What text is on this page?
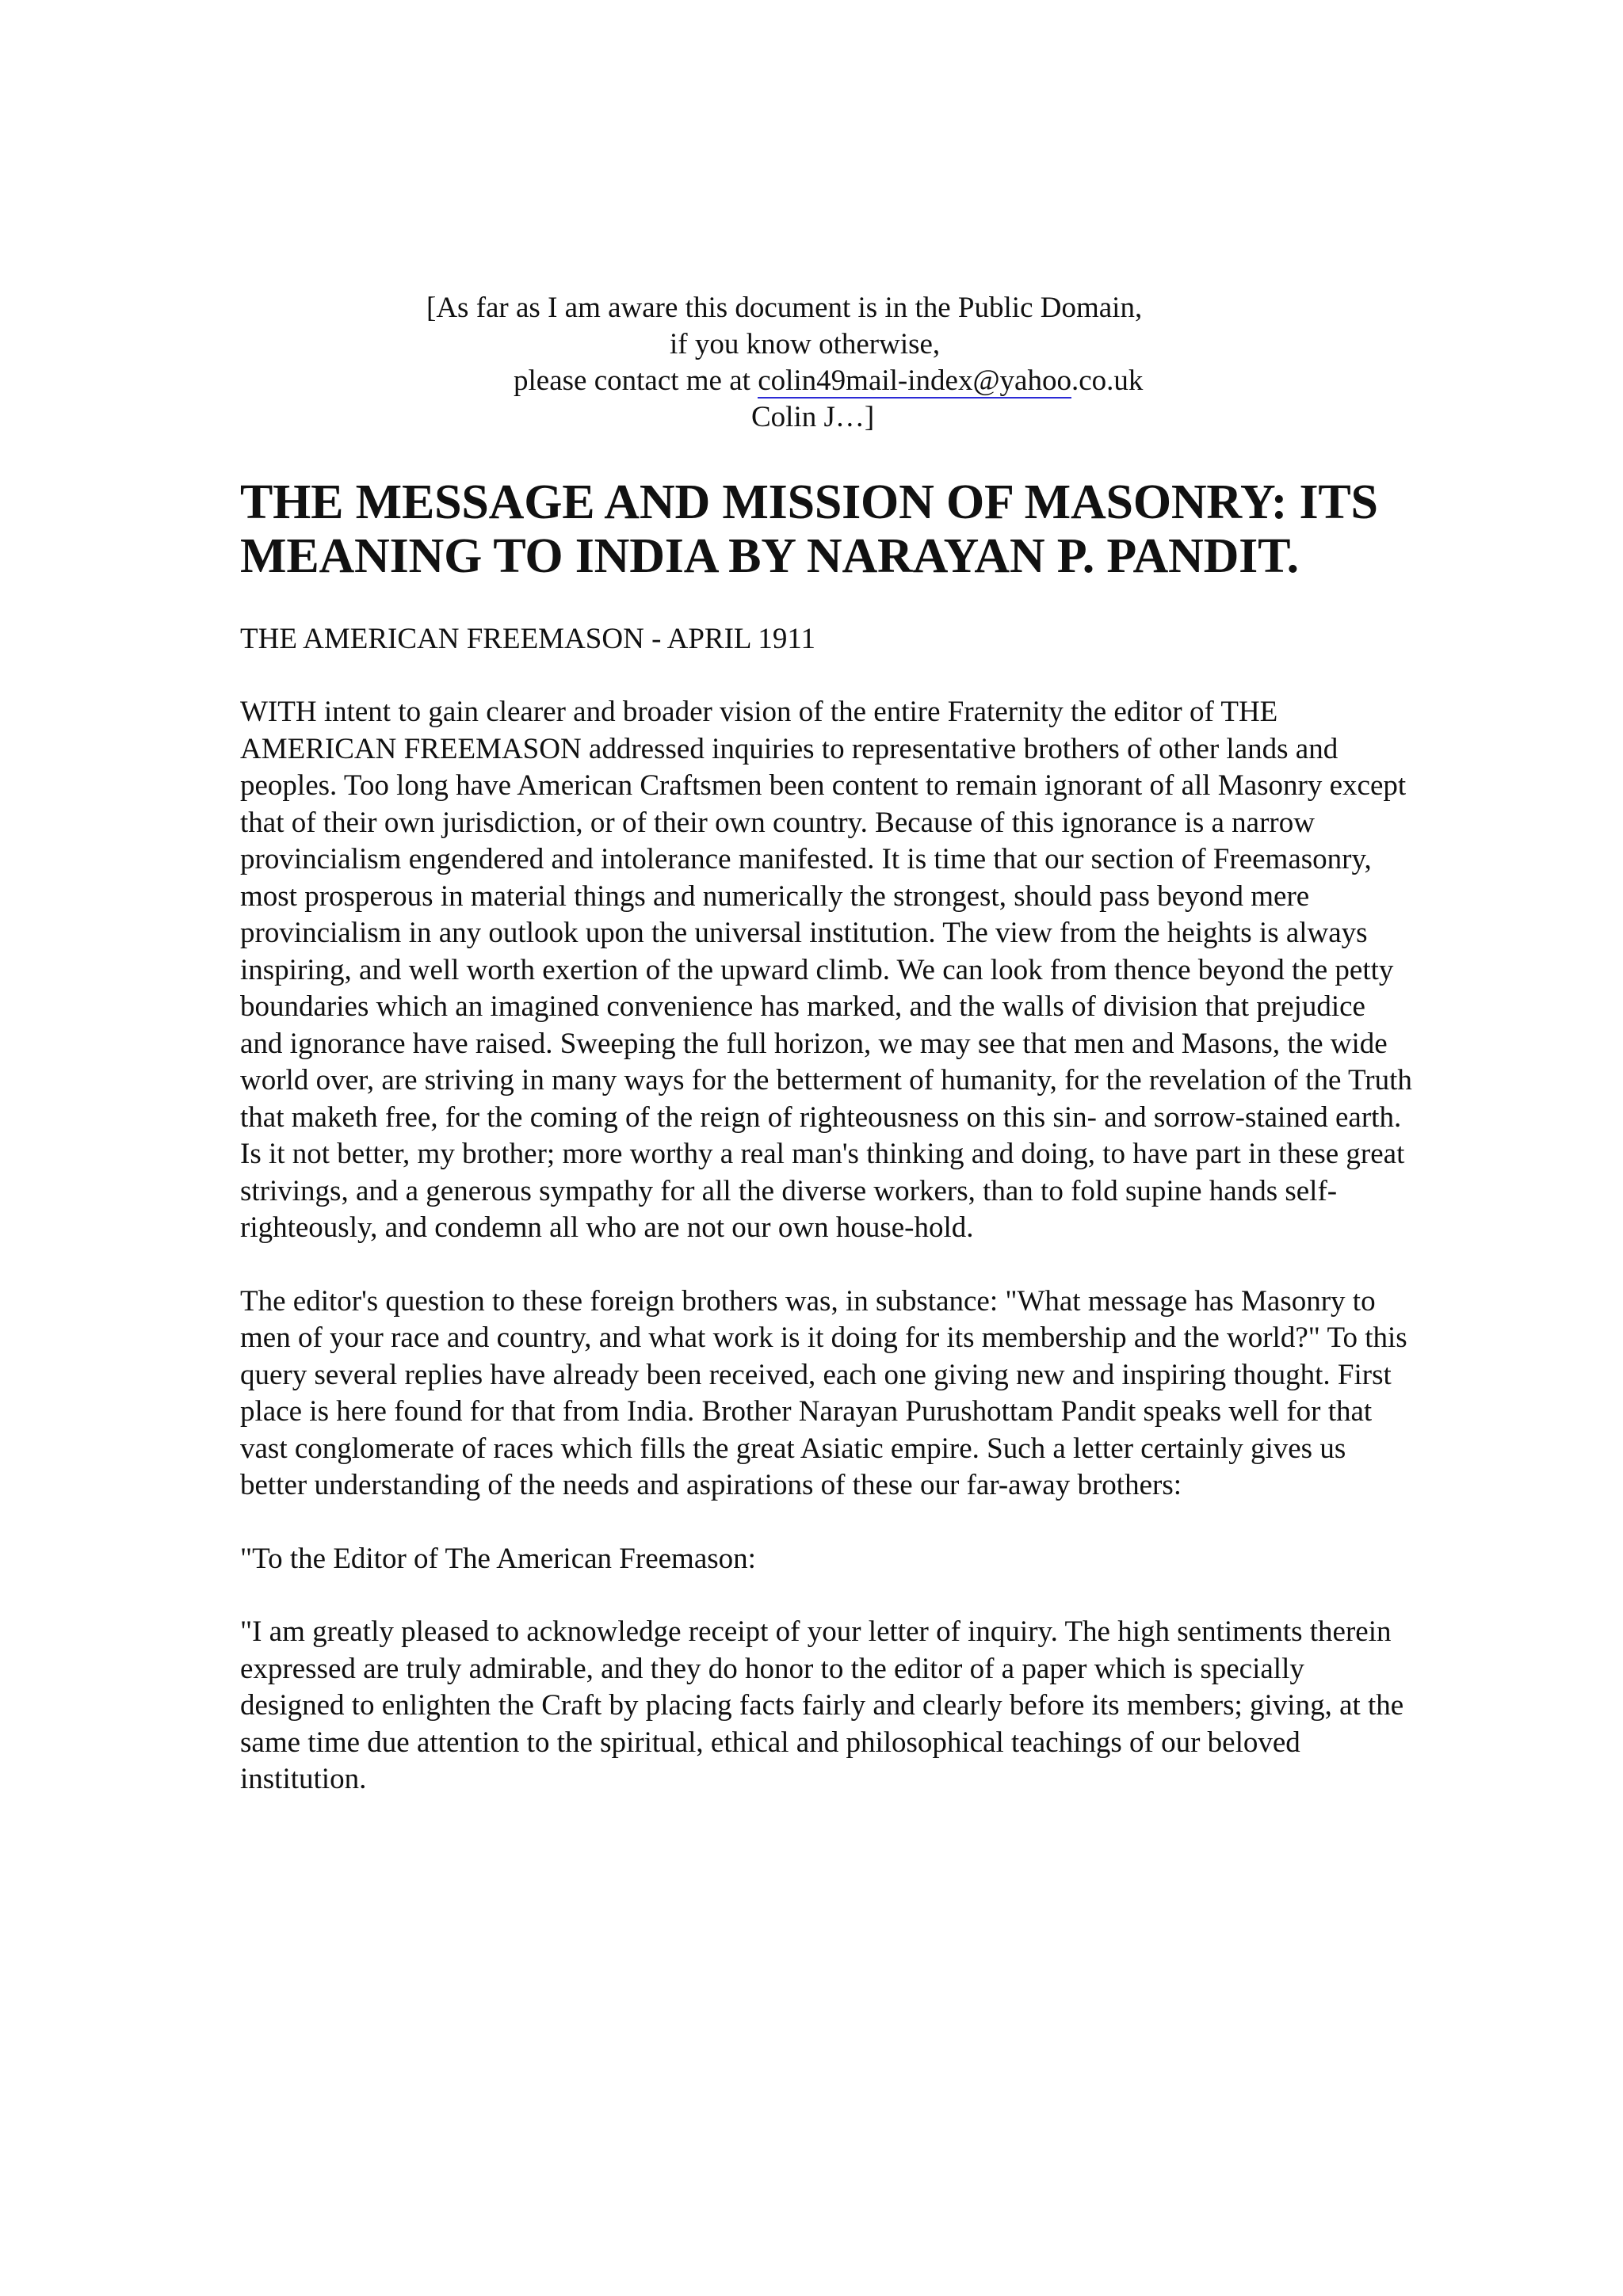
[As far as I am aware this document is in the Public Domain,
if you know otherwise,
please contact me at colin49mail-index@yahoo.co.uk
Colin J…]
THE MESSAGE AND MISSION OF MASONRY: ITS MEANING TO INDIA BY NARAYAN P. PANDIT.

THE AMERICAN FREEMASON - APRIL 1911

WITH intent to gain clearer and broader vision of the entire Fraternity the editor of THE AMERICAN FREEMASON addressed inquiries to representative brothers of other lands and peoples. Too long have American Craftsmen been content to remain ignorant of all Masonry except that of their own jurisdiction, or of their own country. Because of this ignorance is a narrow provincialism engendered and intolerance manifested. It is time that our section of Freemasonry, most prosperous in material things and numerically the strongest, should pass beyond mere provincialism in any outlook upon the universal institution. The view from the heights is always inspiring, and well worth exertion of the upward climb. We can look from thence beyond the petty boundaries which an imagined convenience has marked, and the walls of division that prejudice and ignorance have raised. Sweeping the full horizon, we may see that men and Masons, the wide world over, are striving in many ways for the betterment of humanity, for the revelation of the Truth that maketh free, for the coming of the reign of righteousness on this sin- and sorrow-stained earth. Is it not better, my brother; more worthy a real man's thinking and doing, to have part in these great strivings, and a generous sympathy for all the diverse workers, than to fold supine hands self-righteously, and condemn all who are not our own house-hold.

The editor's question to these foreign brothers was, in substance: "What message has Masonry to men of your race and country, and what work is it doing for its membership and the world?" To this query several replies have already been received, each one giving new and inspiring thought. First place is here found for that from India. Brother Narayan Purushottam Pandit speaks well for that vast conglomerate of races which fills the great Asiatic empire. Such a letter certainly gives us better understanding of the needs and aspirations of these our far-away brothers:

"To the Editor of The American Freemason:

"I am greatly pleased to acknowledge receipt of your letter of inquiry. The high sentiments therein expressed are truly admirable, and they do honor to the editor of a paper which is specially designed to enlighten the Craft by placing facts fairly and clearly before its members; giving, at the same time due attention to the spiritual, ethical and philosophical teachings of our beloved institution.
